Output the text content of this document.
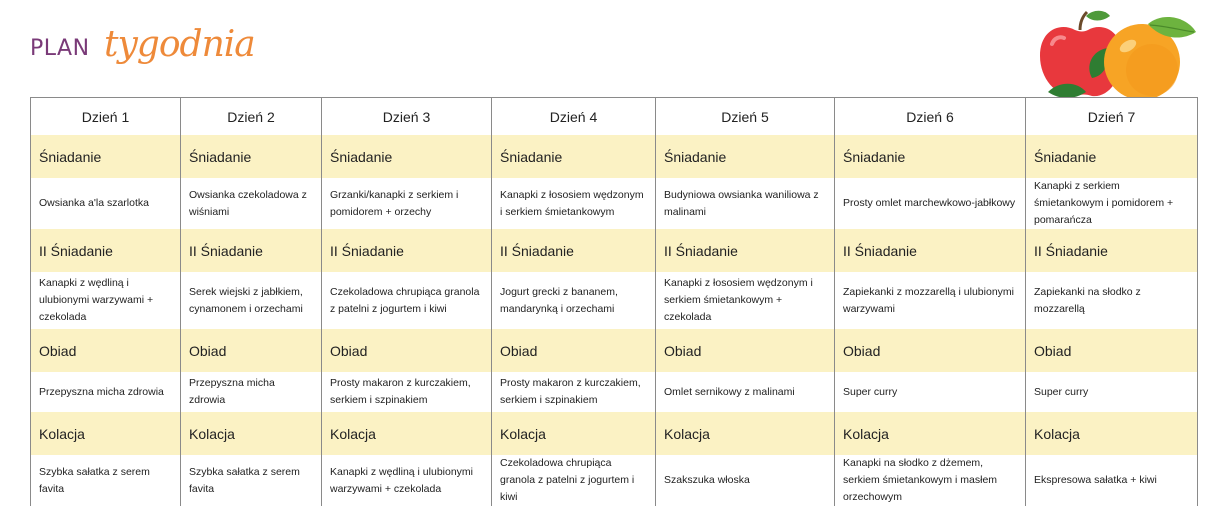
PLAN tygodnia
Dzień 1	Dzień 2	Dzień 3	Dzień 4	Dzień 5	Dzień 6	Dzień 7
Śniadanie	Śniadanie	Śniadanie	Śniadanie	Śniadanie	Śniadanie	Śniadanie
Owsianka a'la szarlotka	Owsianka czekoladowa z wiśniami	Grzanki/kanapki z serkiem i pomidorem + orzechy	Kanapki z łososiem wędzonym i serkiem śmietankowym	Budyniowa owsianka waniliowa z malinami	Prosty omlet marchewkowo-jabłkowy	Kanapki z serkiem śmietankowym i pomidorem + pomarańcza
II Śniadanie	II Śniadanie	II Śniadanie	II Śniadanie	II Śniadanie	II Śniadanie	II Śniadanie
Kanapki z wędliną i ulubionymi warzywami + czekolada	Serek wiejski z jabłkiem, cynamonem i orzechami	Czekoladowa chrupiąca granola z patelni z jogurtem i kiwi	Jogurt grecki z bananem, mandarynką i orzechami	Kanapki z łososiem wędzonym i serkiem śmietankowym + czekolada	Zapiekanki z mozzarellą i ulubionymi warzywami	Zapiekanki na słodko z mozzarellą
Obiad	Obiad	Obiad	Obiad	Obiad	Obiad	Obiad
Przepyszna micha zdrowia	Przepyszna micha zdrowia	Prosty makaron z kurczakiem, serkiem i szpinakiem	Prosty makaron z kurczakiem, serkiem i szpinakiem	Omlet sernikowy z malinami	Super curry	Super curry
Kolacja	Kolacja	Kolacja	Kolacja	Kolacja	Kolacja	Kolacja
Szybka sałatka z serem favita	Szybka sałatka z serem favita	Kanapki z wędliną i ulubionymi warzywami + czekolada	Czekoladowa chrupiąca granola z patelni z jogurtem i kiwi	Szakszuka włoska	Kanapki na słodko z dżemem, serkiem śmietankowym i masłem orzechowym	Ekspresowa sałatka + kiwi
